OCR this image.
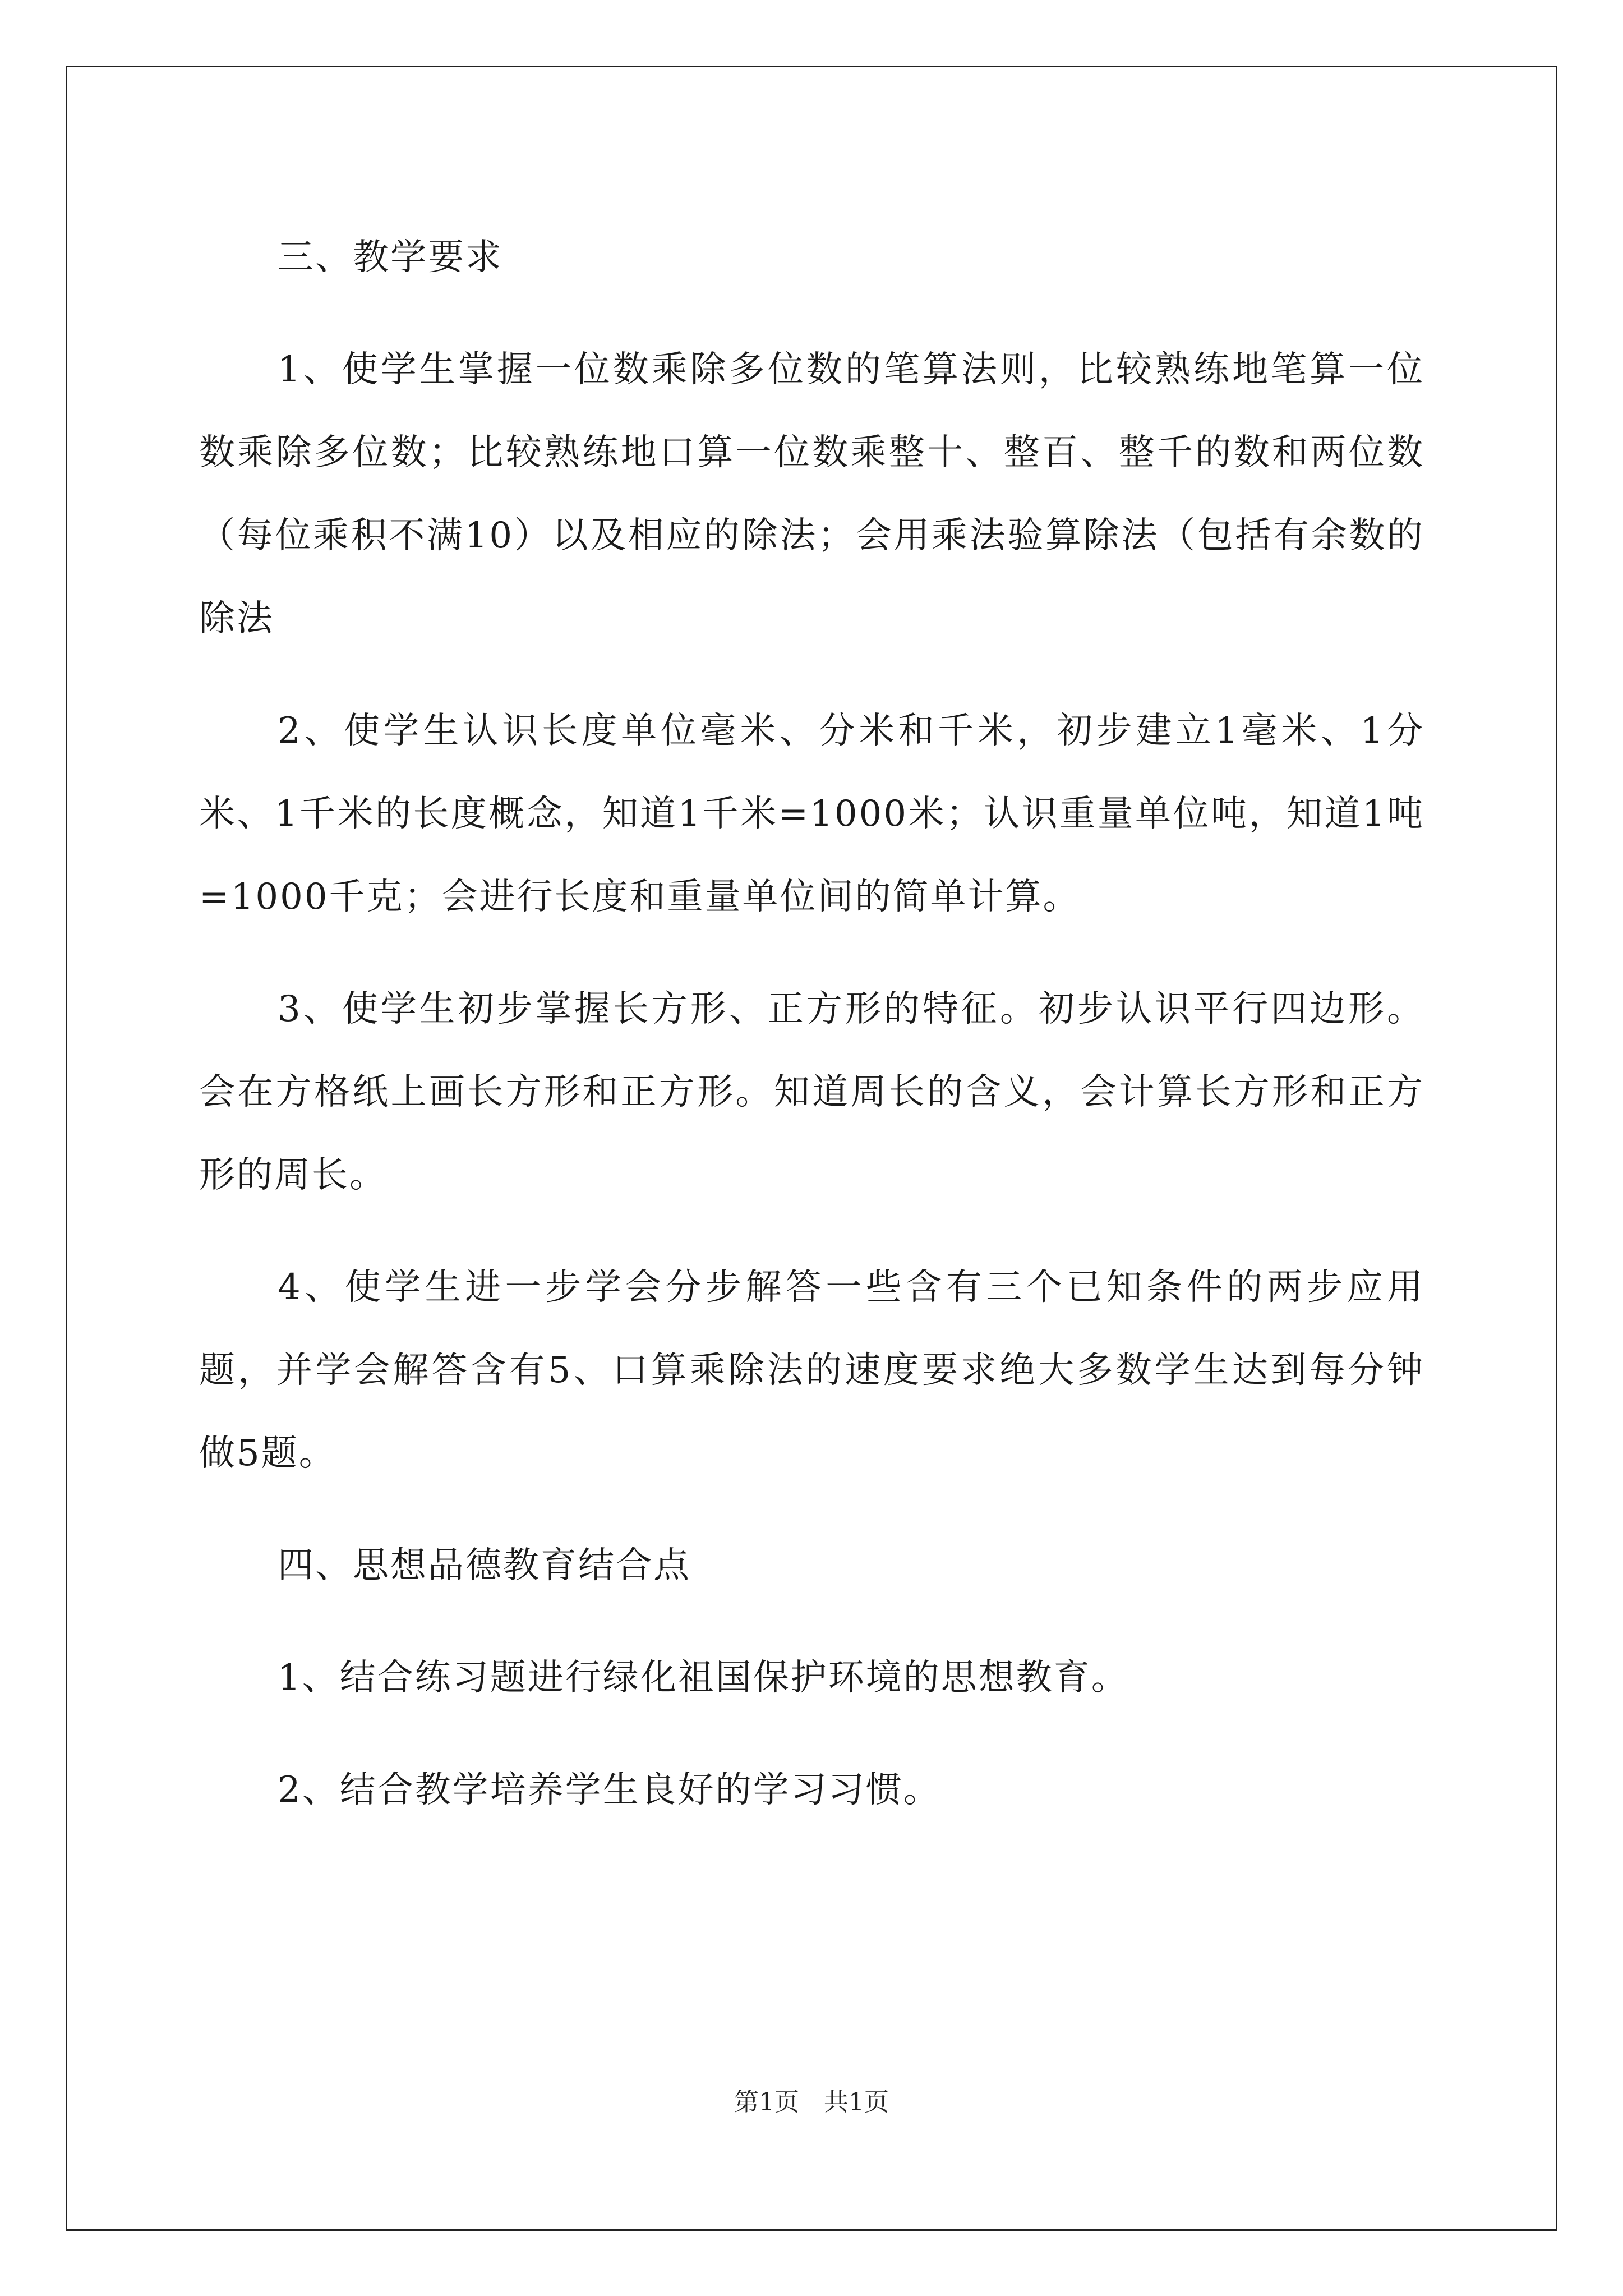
三、教学要求

1、使学生掌握一位数乘除多位数的笔算法则，比较熟练地笔算一位数乘除多位数；比较熟练地口算一位数乘整十、整百、整千的数和两位数（每位乘积不满10）以及相应的除法；会用乘法验算除法（包括有余数的除法

2、使学生认识长度单位毫米、分米和千米，初步建立1毫米、1分米、1千米的长度概念，知道1千米=1000米；认识重量单位吨，知道1吨=1000千克；会进行长度和重量单位间的简单计算。

3、使学生初步掌握长方形、正方形的特征。初步认识平行四边形。会在方格纸上画长方形和正方形。知道周长的含义，会计算长方形和正方形的周长。

4、使学生进一步学会分步解答一些含有三个已知条件的两步应用题，并学会解答含有5、口算乘除法的速度要求绝大多数学生达到每分钟做5题。

四、思想品德教育结合点

1、结合练习题进行绿化祖国保护环境的思想教育。

2、结合教学培养学生良好的学习习惯。

第1页 共1页
